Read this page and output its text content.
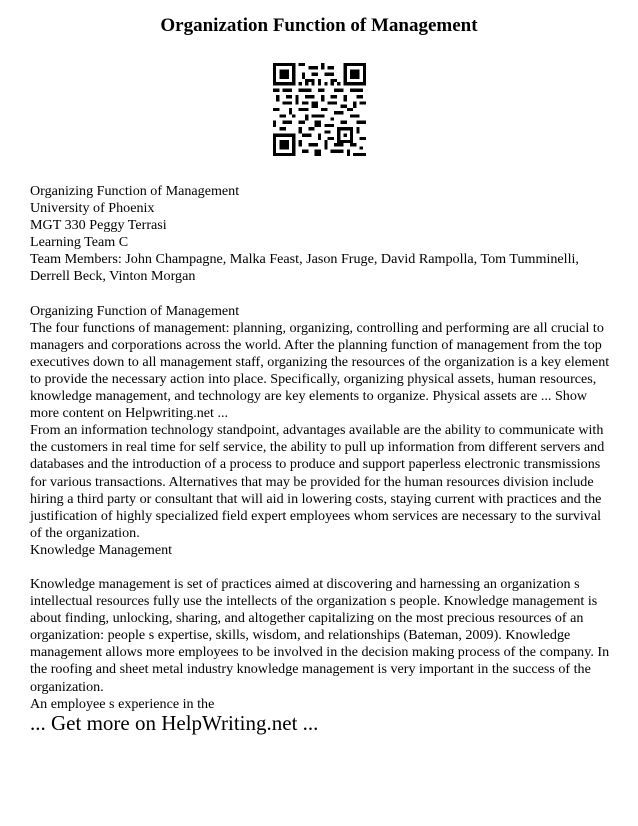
Organization Function of Management

Organizing Function of Management

University of Phoenix

MGT 330 Peggy Terrasi

Learning Team C

Team Members: John Champagne, Malka Feast, Jason Fruge, David Rampolla, Tom Tumminelli, Derrell Beck, Vinton Morgan

Organizing Function of Management

The four functions of management: planning, organizing, controlling and performing are all crucial to managers and corporations across the world. After the planning function of management from the top executives down to all management staff, organizing the resources of the organization is a key element to provide the necessary action into place. Specifically, organizing physical assets, human resources, knowledge management, and technology are key elements to organize. Physical assets are ... Show more content on Helpwriting.net ...

From an information technology standpoint, advantages available are the ability to communicate with the customers in real time for self service, the ability to pull up information from different servers and databases and the introduction of a process to produce and support paperless electronic transmissions for various transactions. Alternatives that may be provided for the human resources division include hiring a third party or consultant that will aid in lowering costs, staying current with practices and the justification of highly specialized field expert employees whom services are necessary to the survival of the organization.

Knowledge Management

Knowledge management is set of practices aimed at discovering and harnessing an organization s intellectual resources fully use the intellects of the organization s people. Knowledge management is about finding, unlocking, sharing, and altogether capitalizing on the most precious resources of an organization: people s expertise, skills, wisdom, and relationships (Bateman, 2009). Knowledge management allows more employees to be involved in the decision making process of the company. In the roofing and sheet metal industry knowledge management is very important in the success of the organization.

An employee s experience in the

... Get more on HelpWriting.net ...
